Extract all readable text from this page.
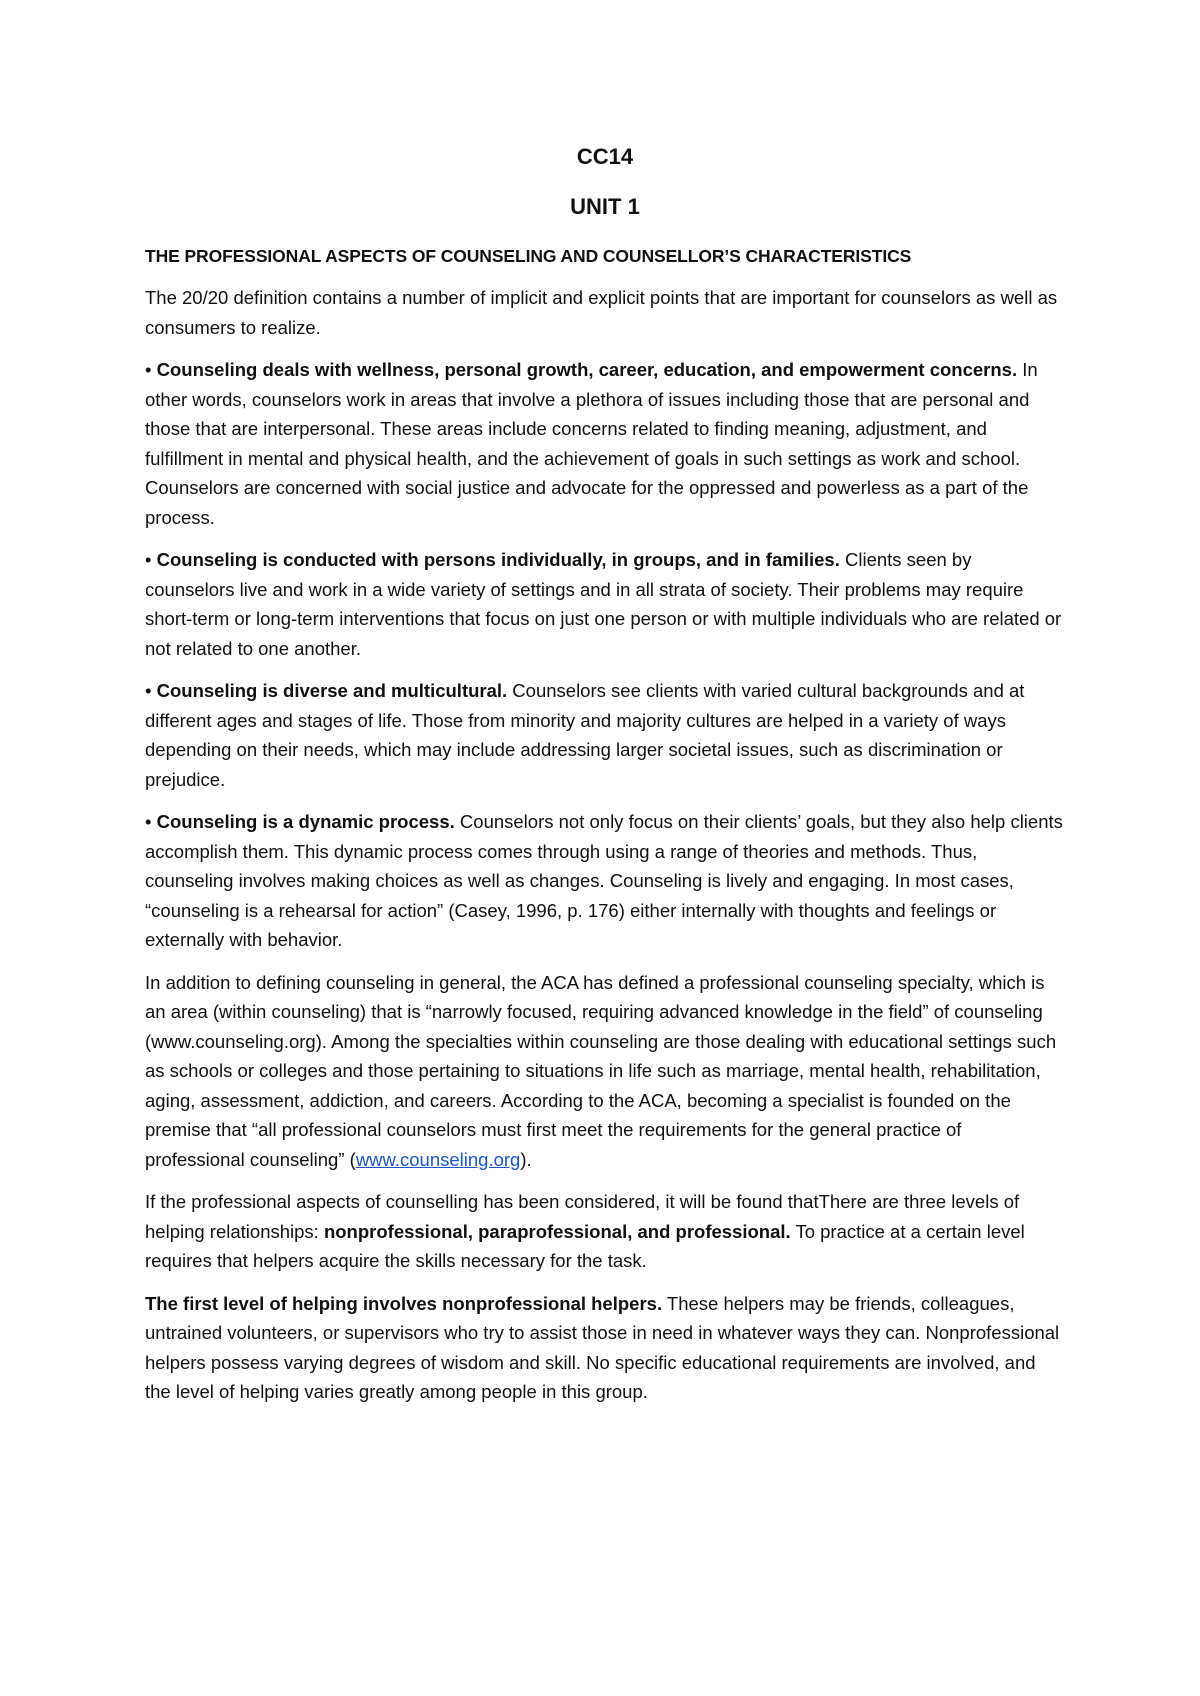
CC14
UNIT 1
THE PROFESSIONAL ASPECTS OF COUNSELING AND COUNSELLOR’S CHARACTERISTICS

The 20/20 definition contains a number of implicit and explicit points that are important for counselors as well as consumers to realize.

• Counseling deals with wellness, personal growth, career, education, and empowerment concerns. In other words, counselors work in areas that involve a plethora of issues including those that are personal and those that are interpersonal. These areas include concerns related to finding meaning, adjustment, and fulfillment in mental and physical health, and the achievement of goals in such settings as work and school. Counselors are concerned with social justice and advocate for the oppressed and powerless as a part of the process.

• Counseling is conducted with persons individually, in groups, and in families. Clients seen by counselors live and work in a wide variety of settings and in all strata of society. Their problems may require short-term or long-term interventions that focus on just one person or with multiple individuals who are related or not related to one another.

• Counseling is diverse and multicultural. Counselors see clients with varied cultural backgrounds and at different ages and stages of life. Those from minority and majority cultures are helped in a variety of ways depending on their needs, which may include addressing larger societal issues, such as discrimination or prejudice.

• Counseling is a dynamic process. Counselors not only focus on their clients’ goals, but they also help clients accomplish them. This dynamic process comes through using a range of theories and methods. Thus, counseling involves making choices as well as changes. Counseling is lively and engaging. In most cases, “counseling is a rehearsal for action” (Casey, 1996, p. 176) either internally with thoughts and feelings or externally with behavior.

In addition to defining counseling in general, the ACA has defined a professional counseling specialty, which is an area (within counseling) that is “narrowly focused, requiring advanced knowledge in the field” of counseling (www.counseling.org). Among the specialties within counseling are those dealing with educational settings such as schools or colleges and those pertaining to situations in life such as marriage, mental health, rehabilitation, aging, assessment, addiction, and careers. According to the ACA, becoming a specialist is founded on the premise that “all professional counselors must first meet the requirements for the general practice of professional counseling” (www.counseling.org).

If the professional aspects of counselling has been considered, it will be found thatThere are three levels of helping relationships: nonprofessional, paraprofessional, and professional. To practice at a certain level requires that helpers acquire the skills necessary for the task.

The first level of helping involves nonprofessional helpers. These helpers may be friends, colleagues, untrained volunteers, or supervisors who try to assist those in need in whatever ways they can. Nonprofessional helpers possess varying degrees of wisdom and skill. No specific educational requirements are involved, and the level of helping varies greatly among people in this group.
